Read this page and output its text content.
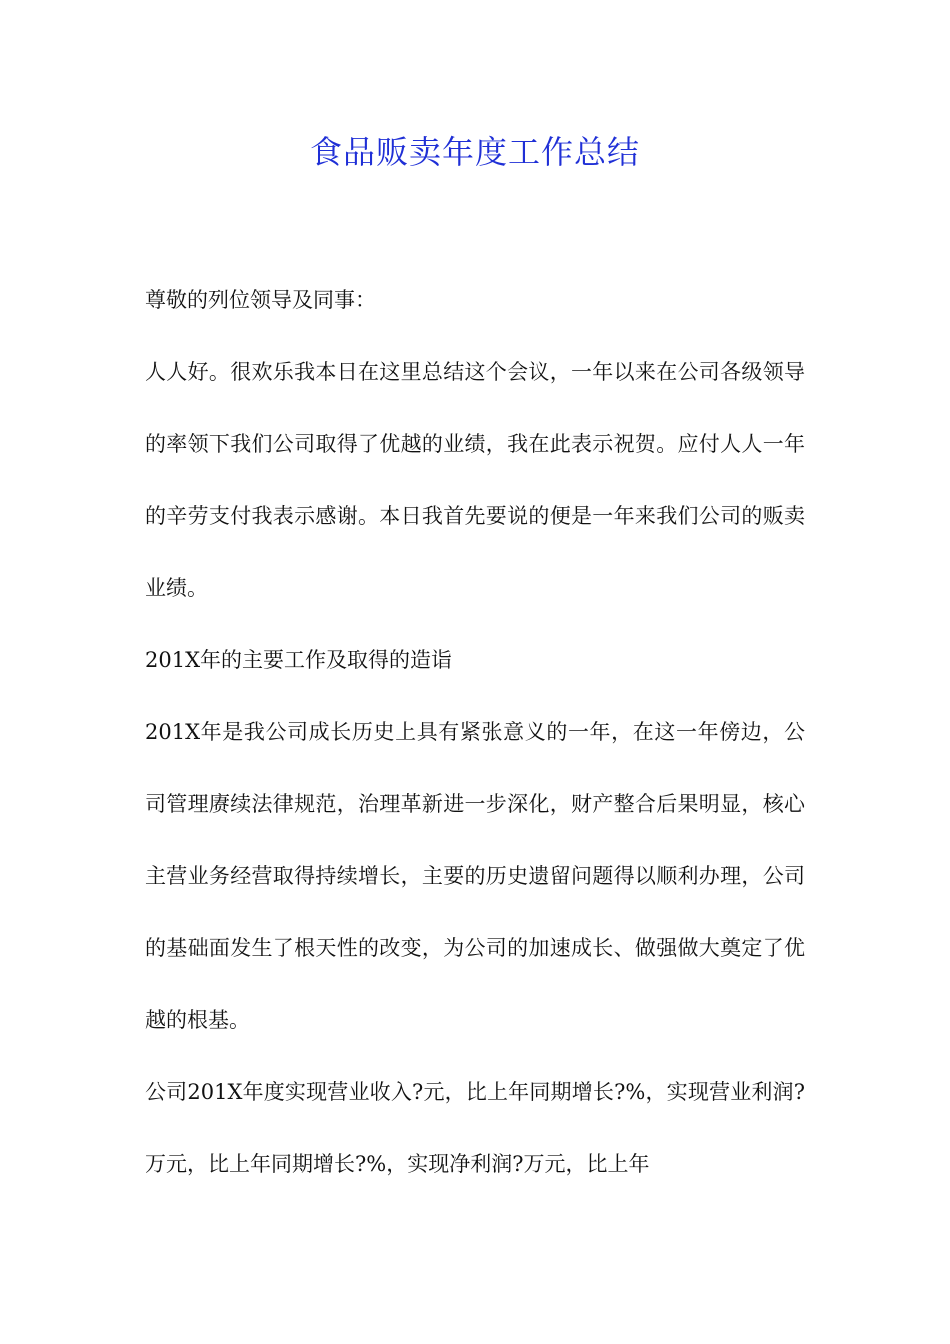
食品贩卖年度工作总结

尊敬的列位领导及同事：

人人好。很欢乐我本日在这里总结这个会议，一年以来在公司各级领导的率领下我们公司取得了优越的业绩，我在此表示祝贺。应付人人一年的辛劳支付我表示感谢。本日我首先要说的便是一年来我们公司的贩卖业绩。

201X年的主要工作及取得的造诣

201X年是我公司成长历史上具有紧张意义的一年，在这一年傍边，公司管理赓续法律规范，治理革新进一步深化，财产整合后果明显，核心主营业务经营取得持续增长，主要的历史遗留问题得以顺利办理，公司的基础面发生了根天性的改变，为公司的加速成长、做强做大奠定了优越的根基。

公司201X年度实现营业收入?元，比上年同期增长?%，实现营业利润?万元，比上年同期增长?%，实现净利润?万元，比上年
